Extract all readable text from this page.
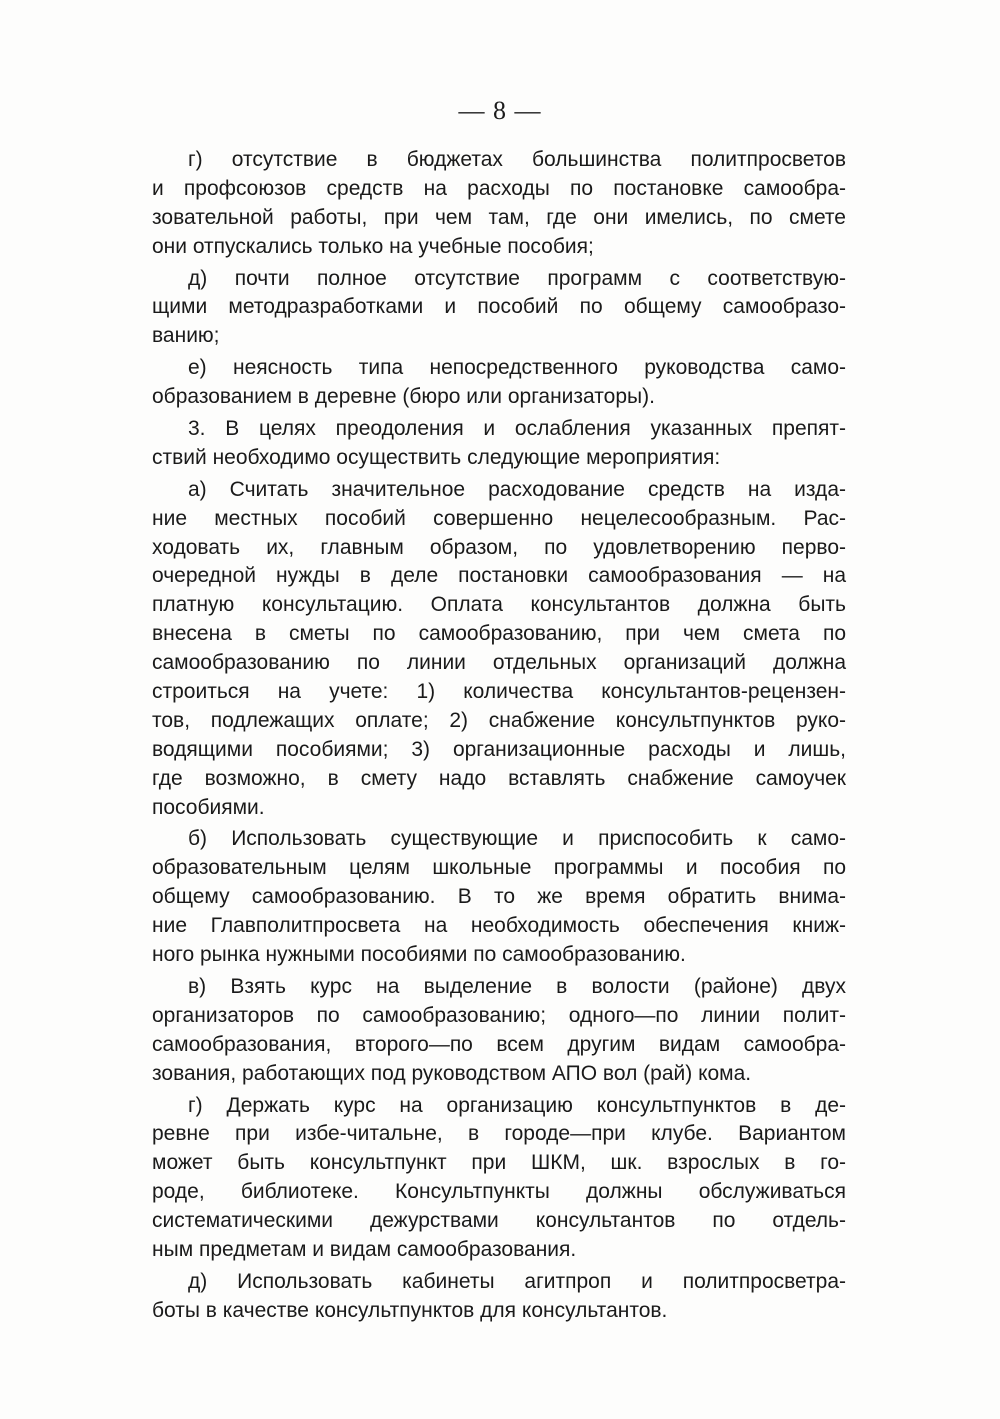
— 8 —
г) отсутствие в бюджетах большинства политпросветов
и профсоюзов средств на расходы по постановке самообра-
зовательной работы, при чем там, где они имелись, по смете
они отпускались только на учебные пособия;
д) почти полное отсутствие программ с соответствую-
щими методразработками и пособий по общему самообразо-
ванию;
е) неясность типа непосредственного руководства само-
образованием в деревне (бюро или организаторы).
3. В целях преодоления и ослабления указанных препят-
ствий необходимо осуществить следующие мероприятия:
а) Считать значительное расходование средств на изда-
ние местных пособий совершенно нецелесообразным. Рас-
ходовать их, главным образом, по удовлетворению перво-
очередной нужды в деле постановки самообразования — на
платную консультацию. Оплата консультантов должна быть
внесена в сметы по самообразованию, при чем смета по
самообразованию по линии отдельных организаций должна
строиться на учете: 1) количества консультантов-рецензен-
тов, подлежащих оплате; 2) снабжение консультпунктов руко-
водящими пособиями; 3) организационные расходы и лишь,
где возможно, в смету надо вставлять снабжение самоучек
пособиями.
б) Использовать существующие и приспособить к само-
образовательным целям школьные программы и пособия по
общему самообразованию. В то же время обратить внима-
ние Главполитпросвета на необходимость обеспечения книж-
ного рынка нужными пособиями по самообразованию.
в) Взять курс на выделение в волости (районе) двух
организаторов по самообразованию; одного—по линии полит-
самообразования, второго—по всем другим видам самообра-
зования, работающих под руководством АПО вол (рай) кома.
г) Держать курс на организацию консультпунктов в де-
ревне при избе-читальне, в городе—при клубе. Вариантом
может быть консультпункт при ШКМ, шк. взрослых в го-
роде, библиотеке. Консультпункты должны обслуживаться
систематическими дежурствами консультантов по отдель-
ным предметам и видам самообразования.
д) Использовать кабинеты агитпроп и политпросветра-
боты в качестве консультпунктов для консультантов.
